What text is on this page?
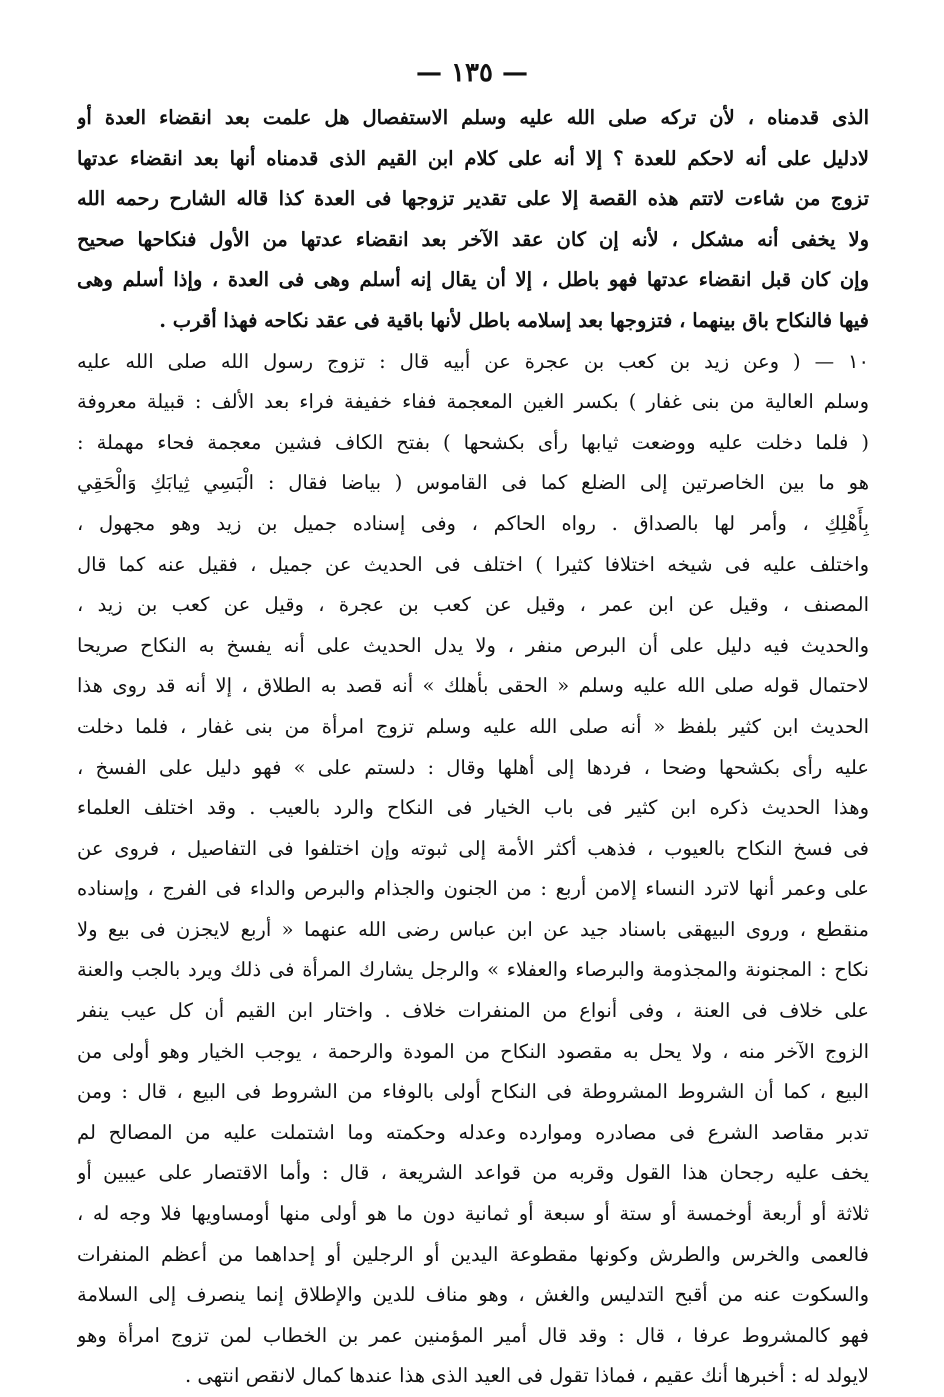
— ١٣٥ —
الذى قدمناه ، لأن تركه صلى الله عليه وسلم الاستفصال هل علمت بعد انقضاء العدة أو
لادليل على أنه لاحكم للعدة ؟ إلا أنه على كلام ابن القيم الذى قدمناه أنها بعد انقضاء عدتها
تزوج من شاءت لاتتم هذه القصة إلا على تقدير تزوجها فى العدة كذا قاله الشارح رحمه الله
ولا يخفى أنه مشكل ، لأنه إن كان عقد الآخر بعد انقضاء عدتها من الأول فنكاحها صحيح
وإن كان قبل انقضاء عدتها فهو باطل ، إلا أن يقال إنه أسلم وهى فى العدة ، وإذا أسلم وهى
فيها فالنكاح باق بينهما ، فتزوجها بعد إسلامه باطل لأنها باقية فى عقد نكاحه فهذا أقرب .
١٠ — ( وعن زيد بن كعب بن عجرة عن أبيه قال : تزوج رسول الله صلى الله عليه
وسلم العالية من بنى غفار ) بكسر الغين المعجمة ففاء خفيفة فراء بعد الألف : قبيلة معروفة
( فلما دخلت عليه ووضعت ثيابها رأى بكشحها ) بفتح الكاف فشين معجمة فحاء مهملة :
هو ما بين الخاصرتين إلى الضلع كما فى القاموس ( بياضا فقال : الْبَسِي ثِيابَكِ وَالْحَقِي
بِأَهْلِكِ ، وأمر لها بالصداق . رواه الحاكم ، وفى إسناده جميل بن زيد وهو مجهول ،
واختلف عليه فى شيخه اختلافا كثيرا ) اختلف فى الحديث عن جميل ، فقيل عنه كما قال
المصنف ، وقيل عن ابن عمر ، وقيل عن كعب بن عجرة ، وقيل عن كعب بن زيد ،
والحديث فيه دليل على أن البرص منفر ، ولا يدل الحديث على أنه يفسخ به النكاح صريحا
لاحتمال قوله صلى الله عليه وسلم « الحقى بأهلك » أنه قصد به الطلاق ، إلا أنه قد روى هذا
الحديث ابن كثير بلفظ « أنه صلى الله عليه وسلم تزوج امرأة من بنى غفار ، فلما دخلت
عليه رأى بكشحها وضحا ، فردها إلى أهلها وقال : دلستم على » فهو دليل على الفسخ ،
وهذا الحديث ذكره ابن كثير فى باب الخيار فى النكاح والرد بالعيب . وقد اختلف العلماء
فى فسخ النكاح بالعيوب ، فذهب أكثر الأمة إلى ثبوته وإن اختلفوا فى التفاصيل ، فروى عن
على وعمر أنها لاترد النساء إلامن أربع : من الجنون والجذام والبرص والداء فى الفرج ، وإسناده
منقطع ، وروى البيهقى باسناد جيد عن ابن عباس رضى الله عنهما « أربع لايجزن فى بيع ولا
نكاح : المجنونة والمجذومة والبرصاء والعفلاء » والرجل يشارك المرأة فى ذلك ويرد بالجب والعنة
على خلاف فى العنة ، وفى أنواع من المنفرات خلاف . واختار ابن القيم أن كل عيب ينفر
الزوج الآخر منه ، ولا يحل به مقصود النكاح من المودة والرحمة ، يوجب الخيار وهو أولى من
البيع ، كما أن الشروط المشروطة فى النكاح أولى بالوفاء من الشروط فى البيع ، قال : ومن
تدبر مقاصد الشرع فى مصادره وموارده وعدله وحكمته وما اشتملت عليه من المصالح لم
يخف عليه رجحان هذا القول وقربه من قواعد الشريعة ، قال : وأما الاقتصار على عيبين أو
ثلاثة أو أربعة أوخمسة أو ستة أو سبعة أو ثمانية دون ما هو أولى منها أومساويها فلا وجه له ،
فالعمى والخرس والطرش وكونها مقطوعة اليدين أو الرجلين أو إحداهما من أعظم المنفرات
والسكوت عنه من أقبح التدليس والغش ، وهو مناف للدين والإطلاق إنما ينصرف إلى السلامة
فهو كالمشروط عرفا ، قال : وقد قال أمير المؤمنين عمر بن الخطاب لمن تزوج امرأة وهو
لايولد له : أخبرها أنك عقيم ، فماذا تقول فى العيد الذى هذا عندها كمال لانقص انتهى .
